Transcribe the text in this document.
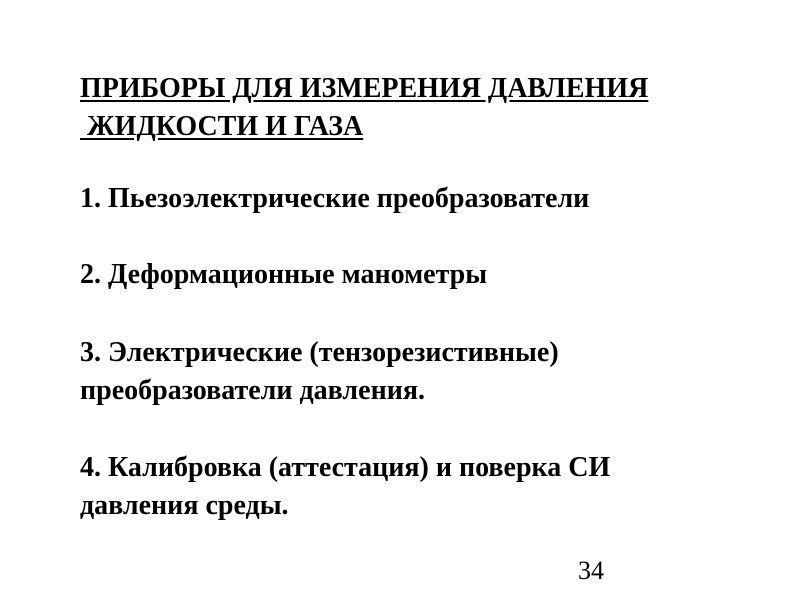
ПРИБОРЫ ДЛЯ ИЗМЕРЕНИЯ ДАВЛЕНИЯ
ЖИДКОСТИ И ГАЗА
1. Пьезоэлектрические преобразователи
2. Деформационные манометры
3. Электрические (тензорезистивные)
преобразователи давления.
4. Калибровка (аттестация) и поверка СИ
давления среды.
34
